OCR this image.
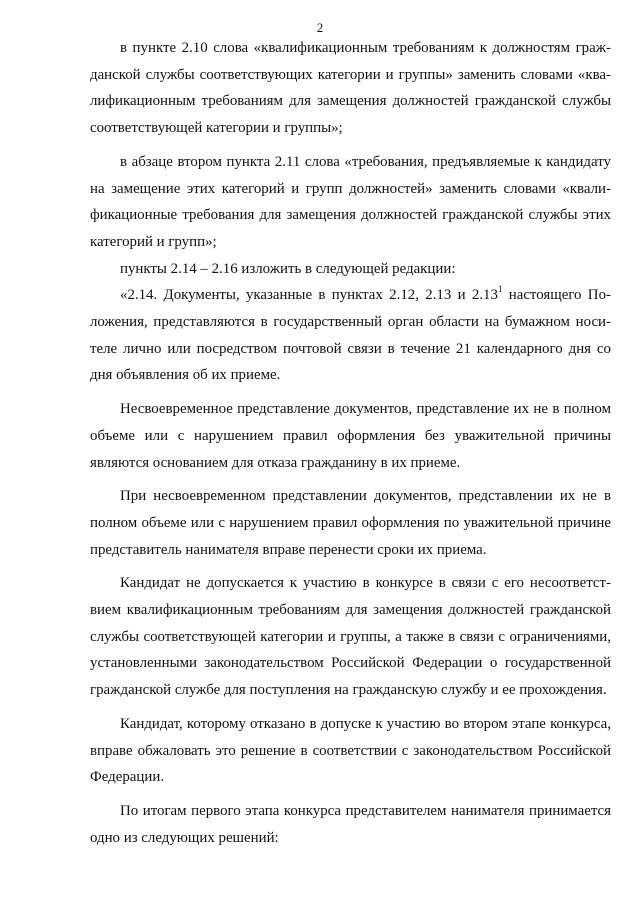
2

в пункте 2.10 слова «квалификационным требованиям к должностям гражданской службы соответствующих категории и группы» заменить словами «квалификационным требованиям для замещения должностей гражданской службы соответствующей категории и группы»;

в абзаце втором пункта 2.11 слова «требования, предъявляемые к кандидату на замещение этих категорий и групп должностей» заменить словами «квалификационные требования для замещения должностей гражданской службы этих категорий и групп»;

пункты 2.14 – 2.16 изложить в следующей редакции:

«2.14. Документы, указанные в пунктах 2.12, 2.13 и 2.13$^1$ настоящего Положения, представляются в государственный орган области на бумажном носителе лично или посредством почтовой связи в течение 21 календарного дня со дня объявления об их приеме.

Несвоевременное представление документов, представление их не в полном объеме или с нарушением правил оформления без уважительной причины являются основанием для отказа гражданину в их приеме.

При несвоевременном представлении документов, представлении их не в полном объеме или с нарушением правил оформления по уважительной причине представитель нанимателя вправе перенести сроки их приема.

Кандидат не допускается к участию в конкурсе в связи с его несоответствием квалификационным требованиям для замещения должностей гражданской службы соответствующей категории и группы, а также в связи с ограничениями, установленными законодательством Российской Федерации о государственной гражданской службе для поступления на гражданскую службу и ее прохождения.

Кандидат, которому отказано в допуске к участию во втором этапе конкурса, вправе обжаловать это решение в соответствии с законодательством Российской Федерации.

По итогам первого этапа конкурса представителем нанимателя принимается одно из следующих решений:
